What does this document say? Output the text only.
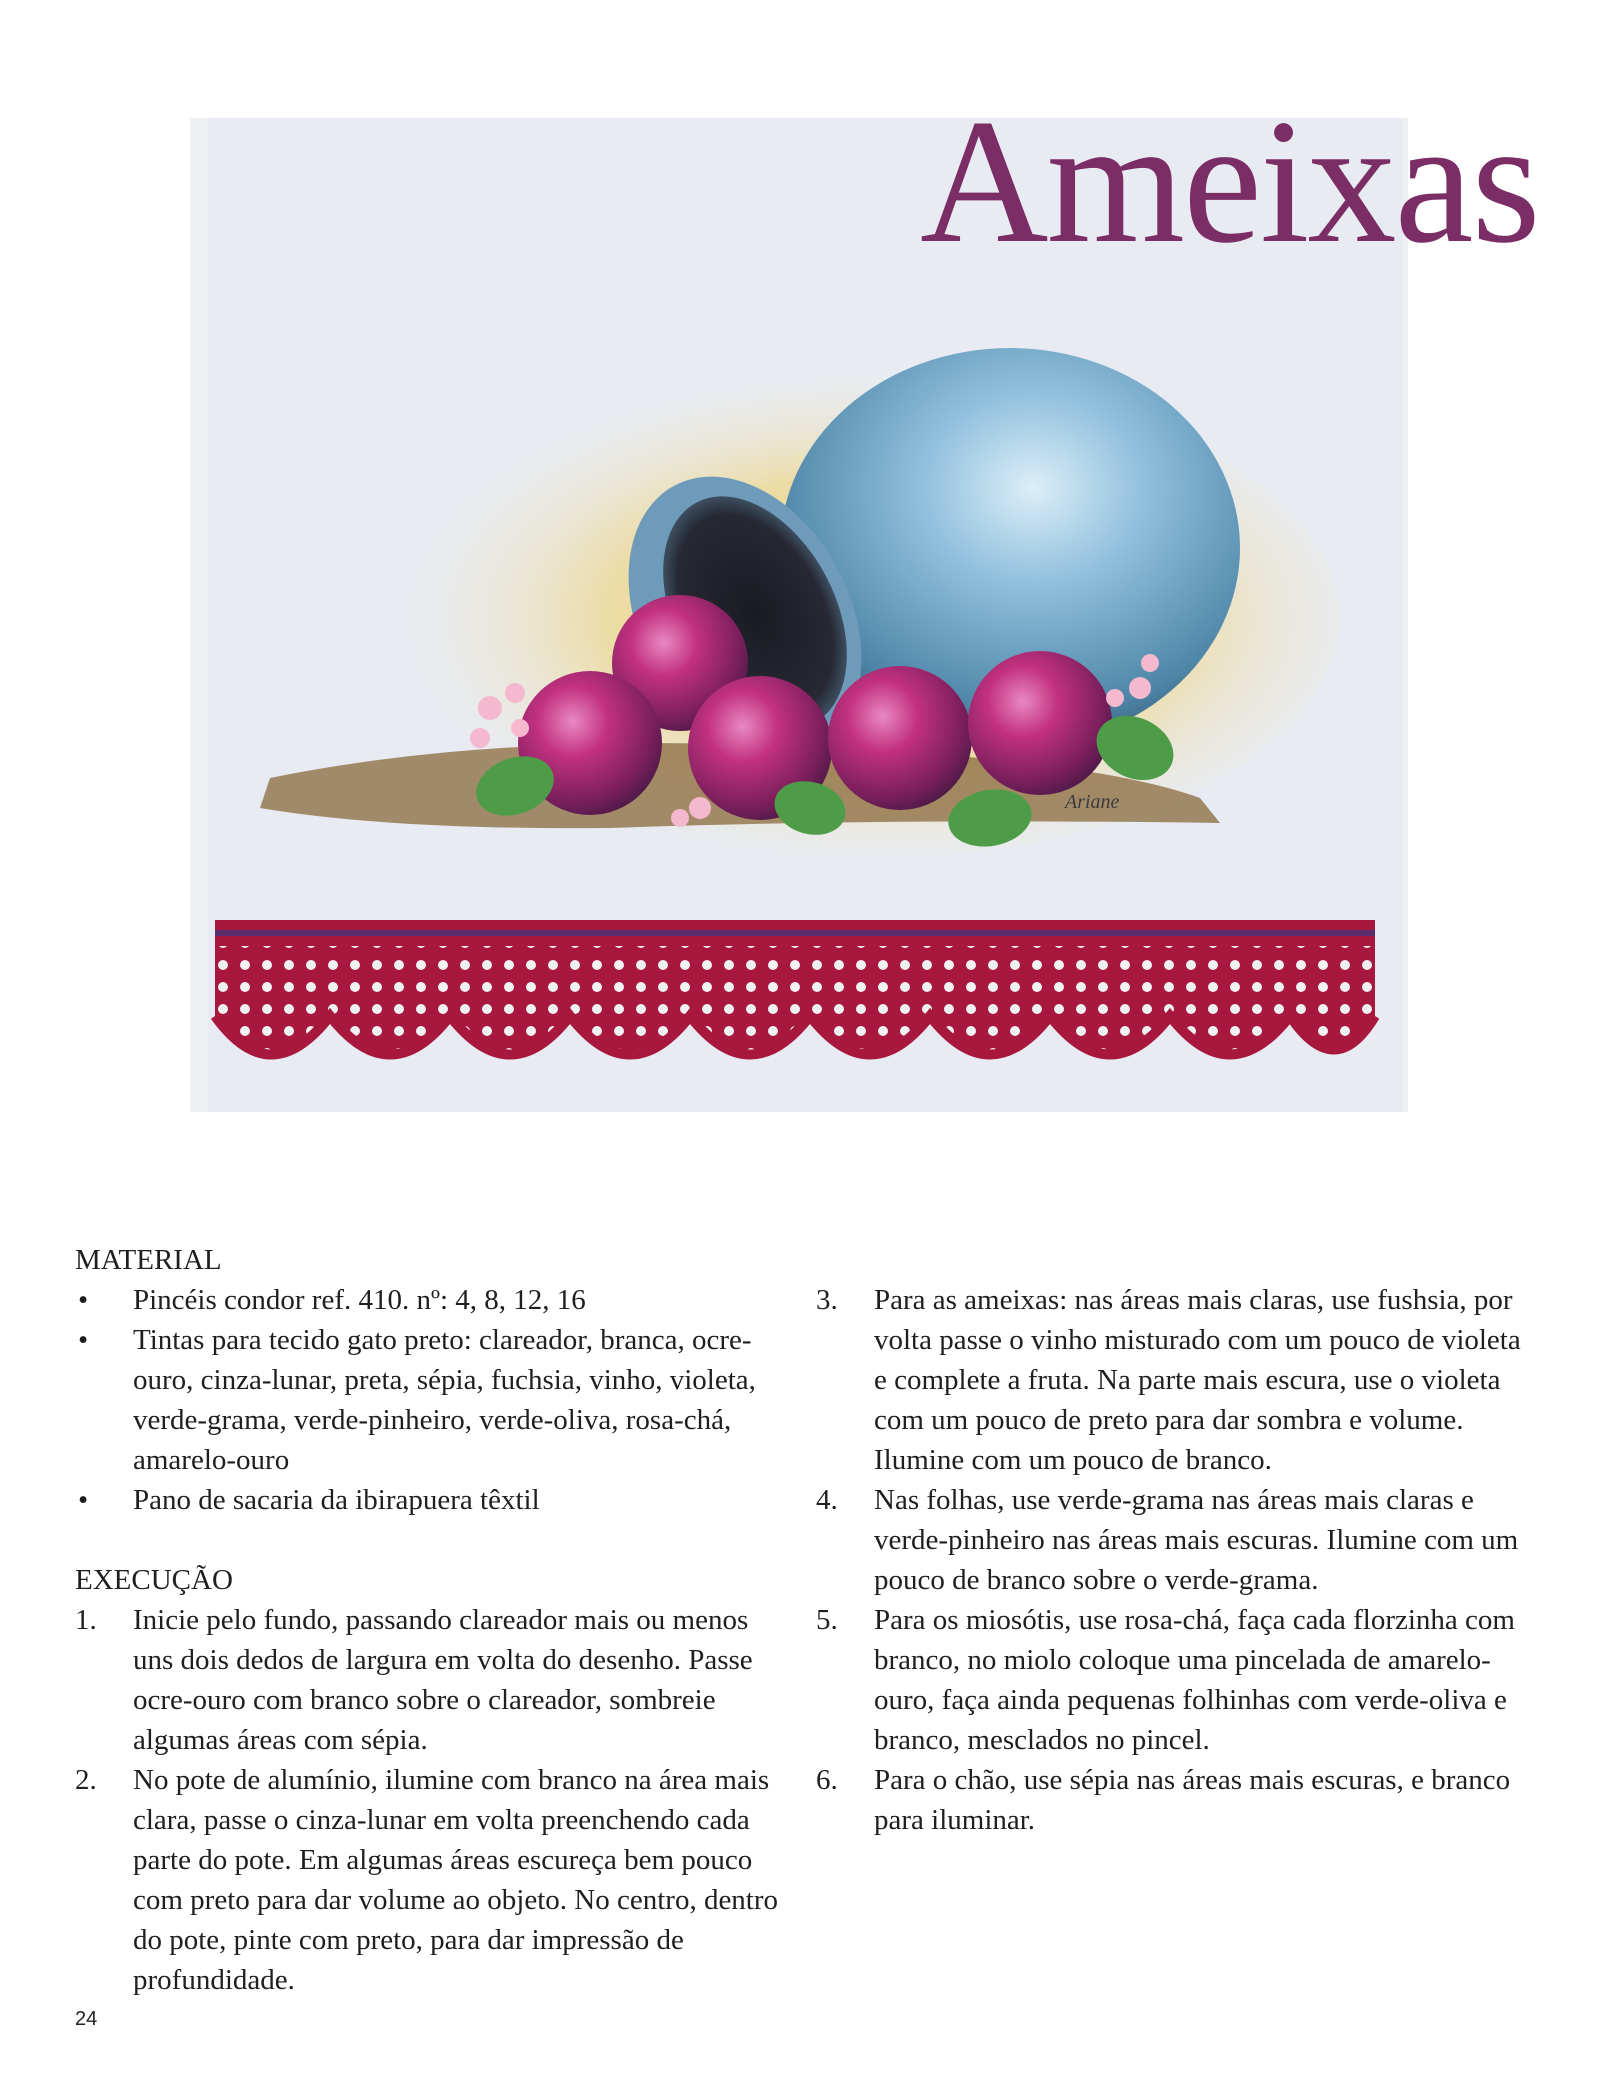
Ariane
Ameixas
MATERIAL
• Pincéis condor ref. 410. nº: 4, 8, 12, 16
• Tintas para tecido gato preto: clareador, branca, ocre-ouro, cinza-lunar, preta, sépia, fuchsia, vinho, violeta, verde-grama, verde-pinheiro, verde-oliva, rosa-chá, amarelo-ouro
• Pano de sacaria da ibirapuera têxtil
EXECUÇÃO
1. Inicie pelo fundo, passando clareador mais ou menos uns dois dedos de largura em volta do desenho. Passe ocre-ouro com branco sobre o clareador, sombreie algumas áreas com sépia.
2. No pote de alumínio, ilumine com branco na área mais clara, passe o cinza-lunar em volta preenchendo cada parte do pote. Em algumas áreas escureça bem pouco com preto para dar volume ao objeto. No centro, dentro do pote, pinte com preto, para dar impressão de profundidade.
3. Para as ameixas: nas áreas mais claras, use fushsia, por volta passe o vinho misturado com um pouco de violeta e complete a fruta. Na parte mais escura, use o violeta com um pouco de preto para dar sombra e volume. Ilumine com um pouco de branco.
4. Nas folhas, use verde-grama nas áreas mais claras e verde-pinheiro nas áreas mais escuras. Ilumine com um pouco de branco sobre o verde-grama.
5. Para os miosótis, use rosa-chá, faça cada florzinha com branco, no miolo coloque uma pincelada de amarelo-ouro, faça ainda pequenas folhinhas com verde-oliva e branco, mesclados no pincel.
6. Para o chão, use sépia nas áreas mais escuras, e branco para iluminar.
24
